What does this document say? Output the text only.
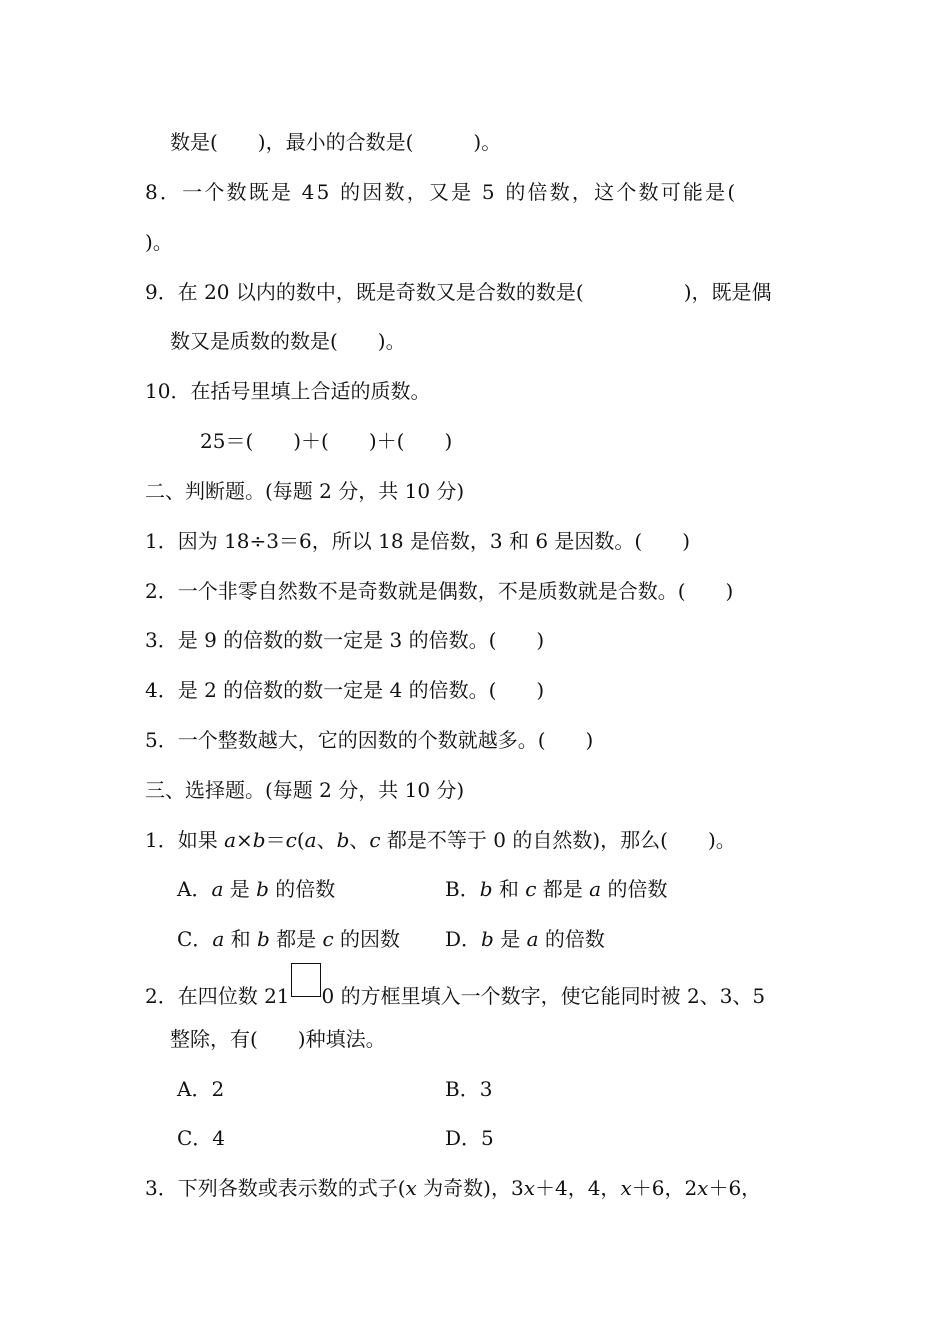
数是(　　)，最小的合数是(　　　)。
8．一个数既是 45 的因数，又是 5 的倍数，这个数可能是(
)。
9．在 20 以内的数中，既是奇数又是合数的数是(　　　　　)，既是偶
数又是质数的数是(　　)。
10．在括号里填上合适的质数。
25＝(　　)＋(　　)＋(　　)
二、判断题。(每题 2 分，共 10 分)
1．因为 18÷3＝6，所以 18 是倍数，3 和 6 是因数。(　　)
2．一个非零自然数不是奇数就是偶数，不是质数就是合数。(　　)
3．是 9 的倍数的数一定是 3 的倍数。(　　)
4．是 2 的倍数的数一定是 4 的倍数。(　　)
5．一个整数越大，它的因数的个数就越多。(　　)
三、选择题。(每题 2 分，共 10 分)
1．如果 a×b＝c(a、b、c 都是不等于 0 的自然数)，那么(　　)。
A．a 是 b 的倍数	B．b 和 c 都是 a 的倍数
C．a 和 b 都是 c 的因数 D．b 是 a 的倍数
2．在四位数 21 0 的方框里填入一个数字，使它能同时被 2、3、5
整除，有(　　)种填法。
A．2	B．3
C．4	D．5
3．下列各数或表示数的式子(x 为奇数)，3x＋4，4，x＋6，2x＋6，
